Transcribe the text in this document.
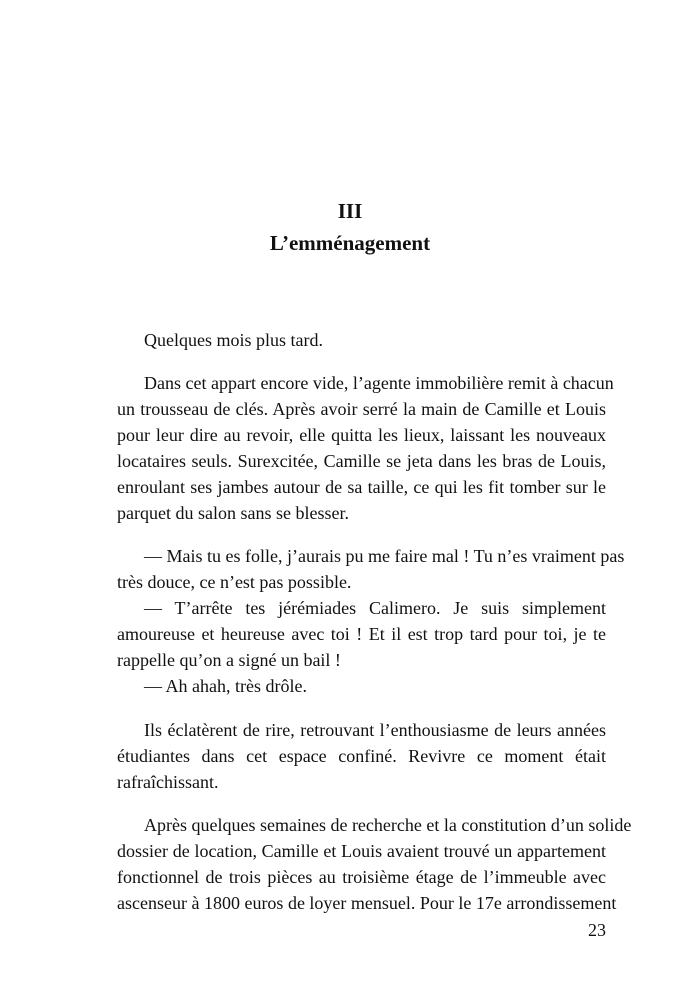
III
L’emménagement
Quelques mois plus tard.
Dans cet appart encore vide, l’agente immobilière remit à chacun
un trousseau de clés. Après avoir serré la main de Camille et Louis
pour leur dire au revoir, elle quitta les lieux, laissant les nouveaux
locataires seuls. Surexcitée, Camille se jeta dans les bras de Louis,
enroulant ses jambes autour de sa taille, ce qui les fit tomber sur le
parquet du salon sans se blesser.
— Mais tu es folle, j’aurais pu me faire mal ! Tu n’es vraiment pas
très douce, ce n’est pas possible.
— T’arrête tes jérémiades Calimero. Je suis simplement
amoureuse et heureuse avec toi ! Et il est trop tard pour toi, je te
rappelle qu’on a signé un bail !
— Ah ahah, très drôle.
Ils éclatèrent de rire, retrouvant l’enthousiasme de leurs années
étudiantes dans cet espace confiné. Revivre ce moment était
rafraîchissant.
Après quelques semaines de recherche et la constitution d’un solide
dossier de location, Camille et Louis avaient trouvé un appartement
fonctionnel de trois pièces au troisième étage de l’immeuble avec
ascenseur à 1800 euros de loyer mensuel. Pour le 17e arrondissement
23
